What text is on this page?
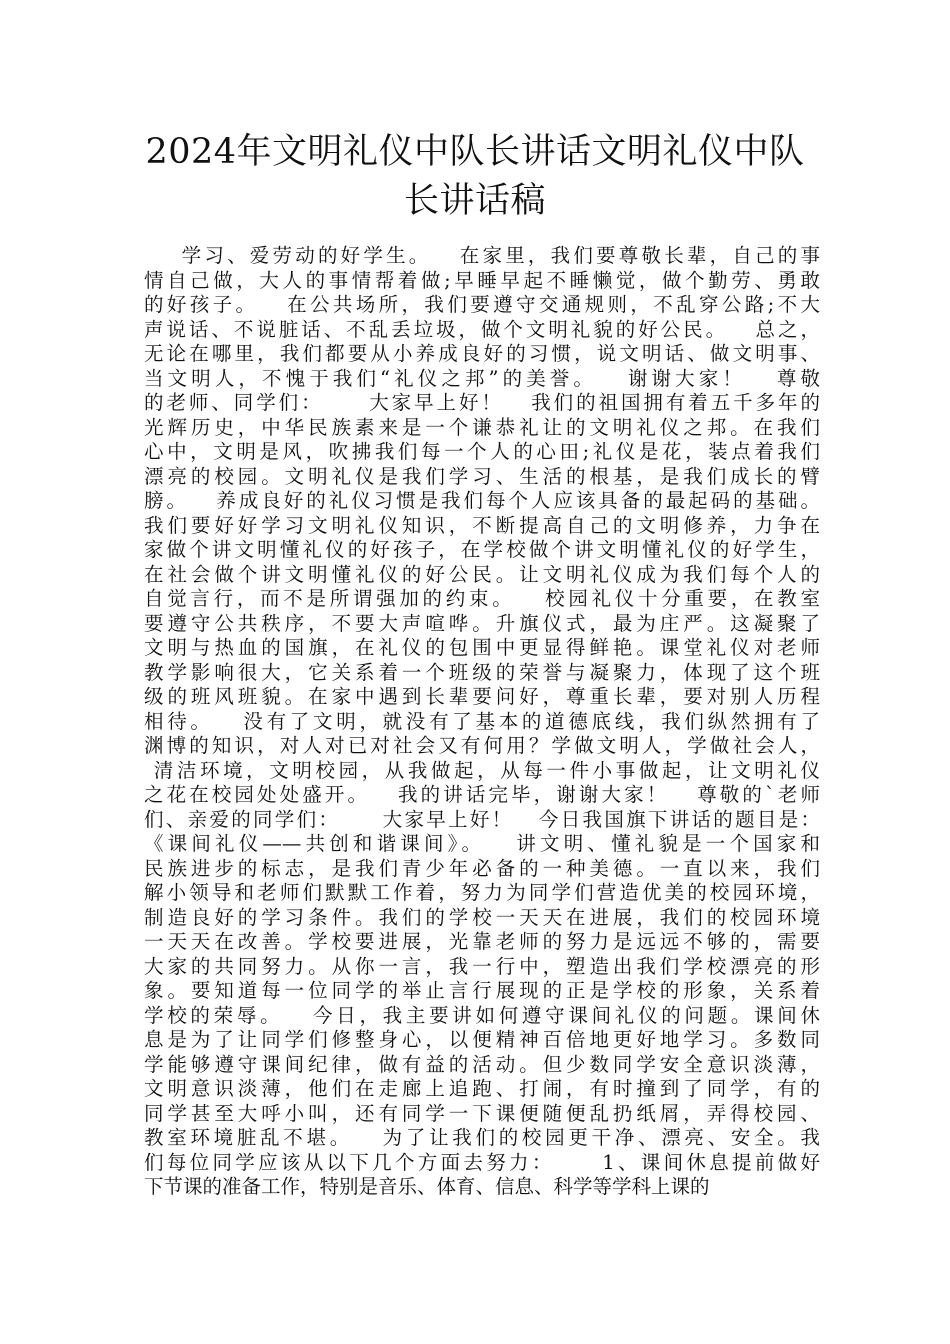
2024年文明礼仪中队长讲话文明礼仪中队
长讲话稿
学习、爱劳动的好学生。   在家里，我们要尊敬长辈，自己的事
情自己做，大人的事情帮着做;早睡早起不睡懒觉，做个勤劳、勇敢
的好孩子。   在公共场所，我们要遵守交通规则，不乱穿公路;不大
声说话、不说脏话、不乱丢垃圾，做个文明礼貌的好公民。   总之，
无论在哪里，我们都要从小养成良好的习惯，说文明话、做文明事、
当文明人，不愧于我们“礼仪之邦”的美誉。   谢谢大家！   尊敬
的老师、同学们：     大家早上好！   我们的祖国拥有着五千多年的
光辉历史，中华民族素来是一个谦恭礼让的文明礼仪之邦。在我们
心中，文明是风，吹拂我们每一个人的心田;礼仪是花，装点着我们
漂亮的校园。文明礼仪是我们学习、生活的根基，是我们成长的臂
膀。   养成良好的礼仪习惯是我们每个人应该具备的最起码的基础。
我们要好好学习文明礼仪知识，不断提高自己的文明修养，力争在
家做个讲文明懂礼仪的好孩子，在学校做个讲文明懂礼仪的好学生，
在社会做个讲文明懂礼仪的好公民。让文明礼仪成为我们每个人的
自觉言行，而不是所谓强加的约束。   校园礼仪十分重要，在教室
要遵守公共秩序，不要大声喧哗。升旗仪式，最为庄严。这凝聚了
文明与热血的国旗，在礼仪的包围中更显得鲜艳。课堂礼仪对老师
教学影响很大，它关系着一个班级的荣誉与凝聚力，体现了这个班
级的班风班貌。在家中遇到长辈要问好，尊重长辈，要对别人历程
相待。   没有了文明，就没有了基本的道德底线，我们纵然拥有了
渊博的知识，对人对已对社会又有何用？学做文明人，学做社会人，
清洁环境，文明校园，从我做起，从每一件小事做起，让文明礼仪
之花在校园处处盛开。   我的讲话完毕，谢谢大家！   尊敬的`老师
们、亲爱的同学们：     大家早上好！   今日我国旗下讲话的题目是：
《课间礼仪——共创和谐课间》。   讲文明、懂礼貌是一个国家和
民族进步的标志，是我们青少年必备的一种美德。一直以来，我们
解小领导和老师们默默工作着，努力为同学们营造优美的校园环境，
制造良好的学习条件。我们的学校一天天在进展，我们的校园环境
一天天在改善。学校要进展，光靠老师的努力是远远不够的，需要
大家的共同努力。从你一言，我一行中，塑造出我们学校漂亮的形
象。要知道每一位同学的举止言行展现的正是学校的形象，关系着
学校的荣辱。   今日，我主要讲如何遵守课间礼仪的问题。课间休
息是为了让同学们修整身心，以便精神百倍地更好地学习。多数同
学能够遵守课间纪律，做有益的活动。但少数同学安全意识淡薄，
文明意识淡薄，他们在走廊上追跑、打闹，有时撞到了同学，有的
同学甚至大呼小叫，还有同学一下课便随便乱扔纸屑，弄得校园、
教室环境脏乱不堪。   为了让我们的校园更干净、漂亮、安全。我
们每位同学应该从以下几个方面去努力：     1、课间休息提前做好
下节课的准备工作，特别是音乐、体育、信息、科学等学科上课的
